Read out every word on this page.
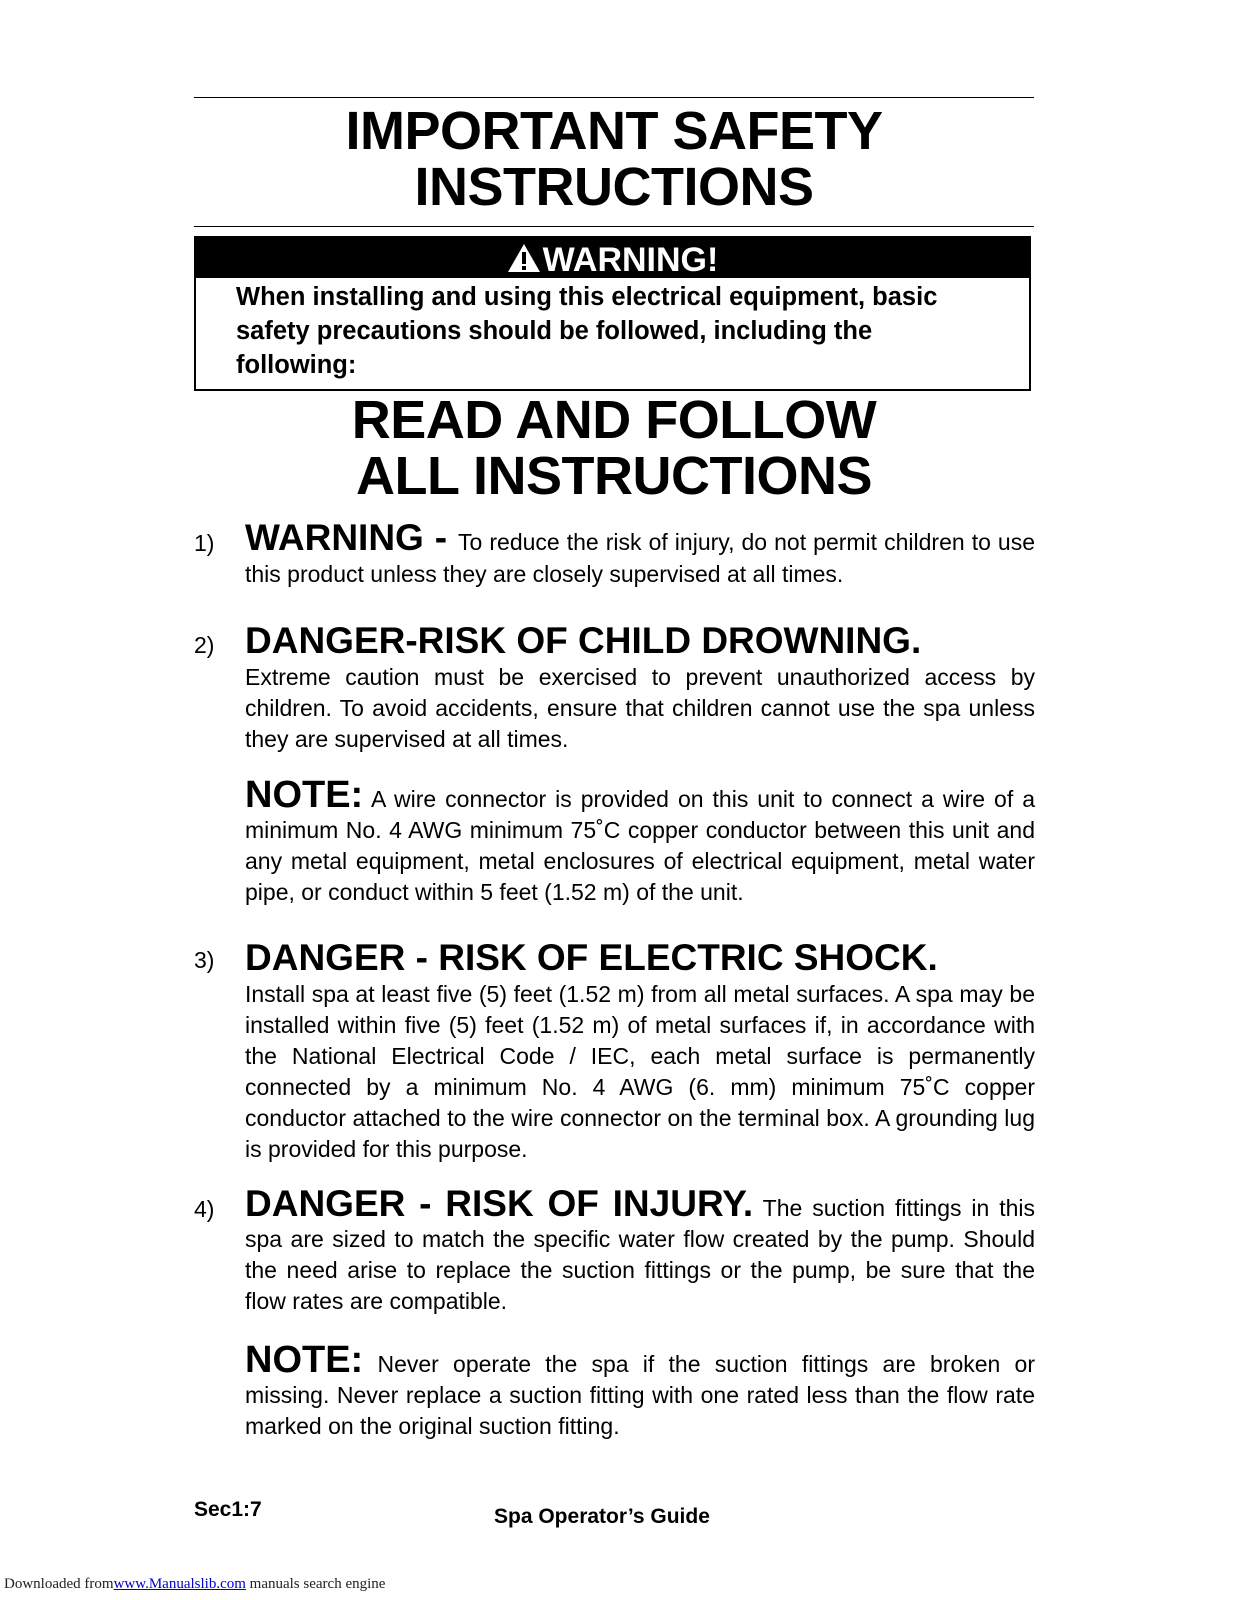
IMPORTANT SAFETY
INSTRUCTIONS
WARNING!
When installing and using this electrical equipment, basic safety precautions should be followed, including the following:
READ AND FOLLOW
ALL INSTRUCTIONS
1) WARNING - To reduce the risk of injury, do not permit children to use this product unless they are closely supervised at all times.
2) DANGER-RISK OF CHILD DROWNING.
Extreme caution must be exercised to prevent unauthorized access by children. To avoid accidents, ensure that children cannot use the spa unless they are supervised at all times.
NOTE: A wire connector is provided on this unit to connect a wire of a minimum No. 4 AWG minimum 75˚C copper conductor between this unit and any metal equipment, metal enclosures of electrical equipment, metal water pipe, or conduct within 5 feet (1.52 m) of the unit.
3) DANGER - RISK OF ELECTRIC SHOCK.
Install spa at least five (5) feet (1.52 m) from all metal surfaces. A spa may be installed within five (5) feet (1.52 m) of metal surfaces if, in accordance with the National Electrical Code / IEC, each metal surface is permanently connected by a minimum No. 4 AWG (6. mm) minimum 75˚C copper conductor attached to the wire connector on the terminal box. A grounding lug is provided for this purpose.
4) DANGER - RISK OF INJURY. The suction fittings in this spa are sized to match the specific water flow created by the pump. Should the need arise to replace the suction fittings or the pump, be sure that the flow rates are compatible.
NOTE: Never operate the spa if the suction fittings are broken or missing. Never replace a suction fitting with one rated less than the flow rate marked on the original suction fitting.
Sec1:7	Spa Operator’s Guide
Downloaded fromwww.Manualslib.com manuals search engine
